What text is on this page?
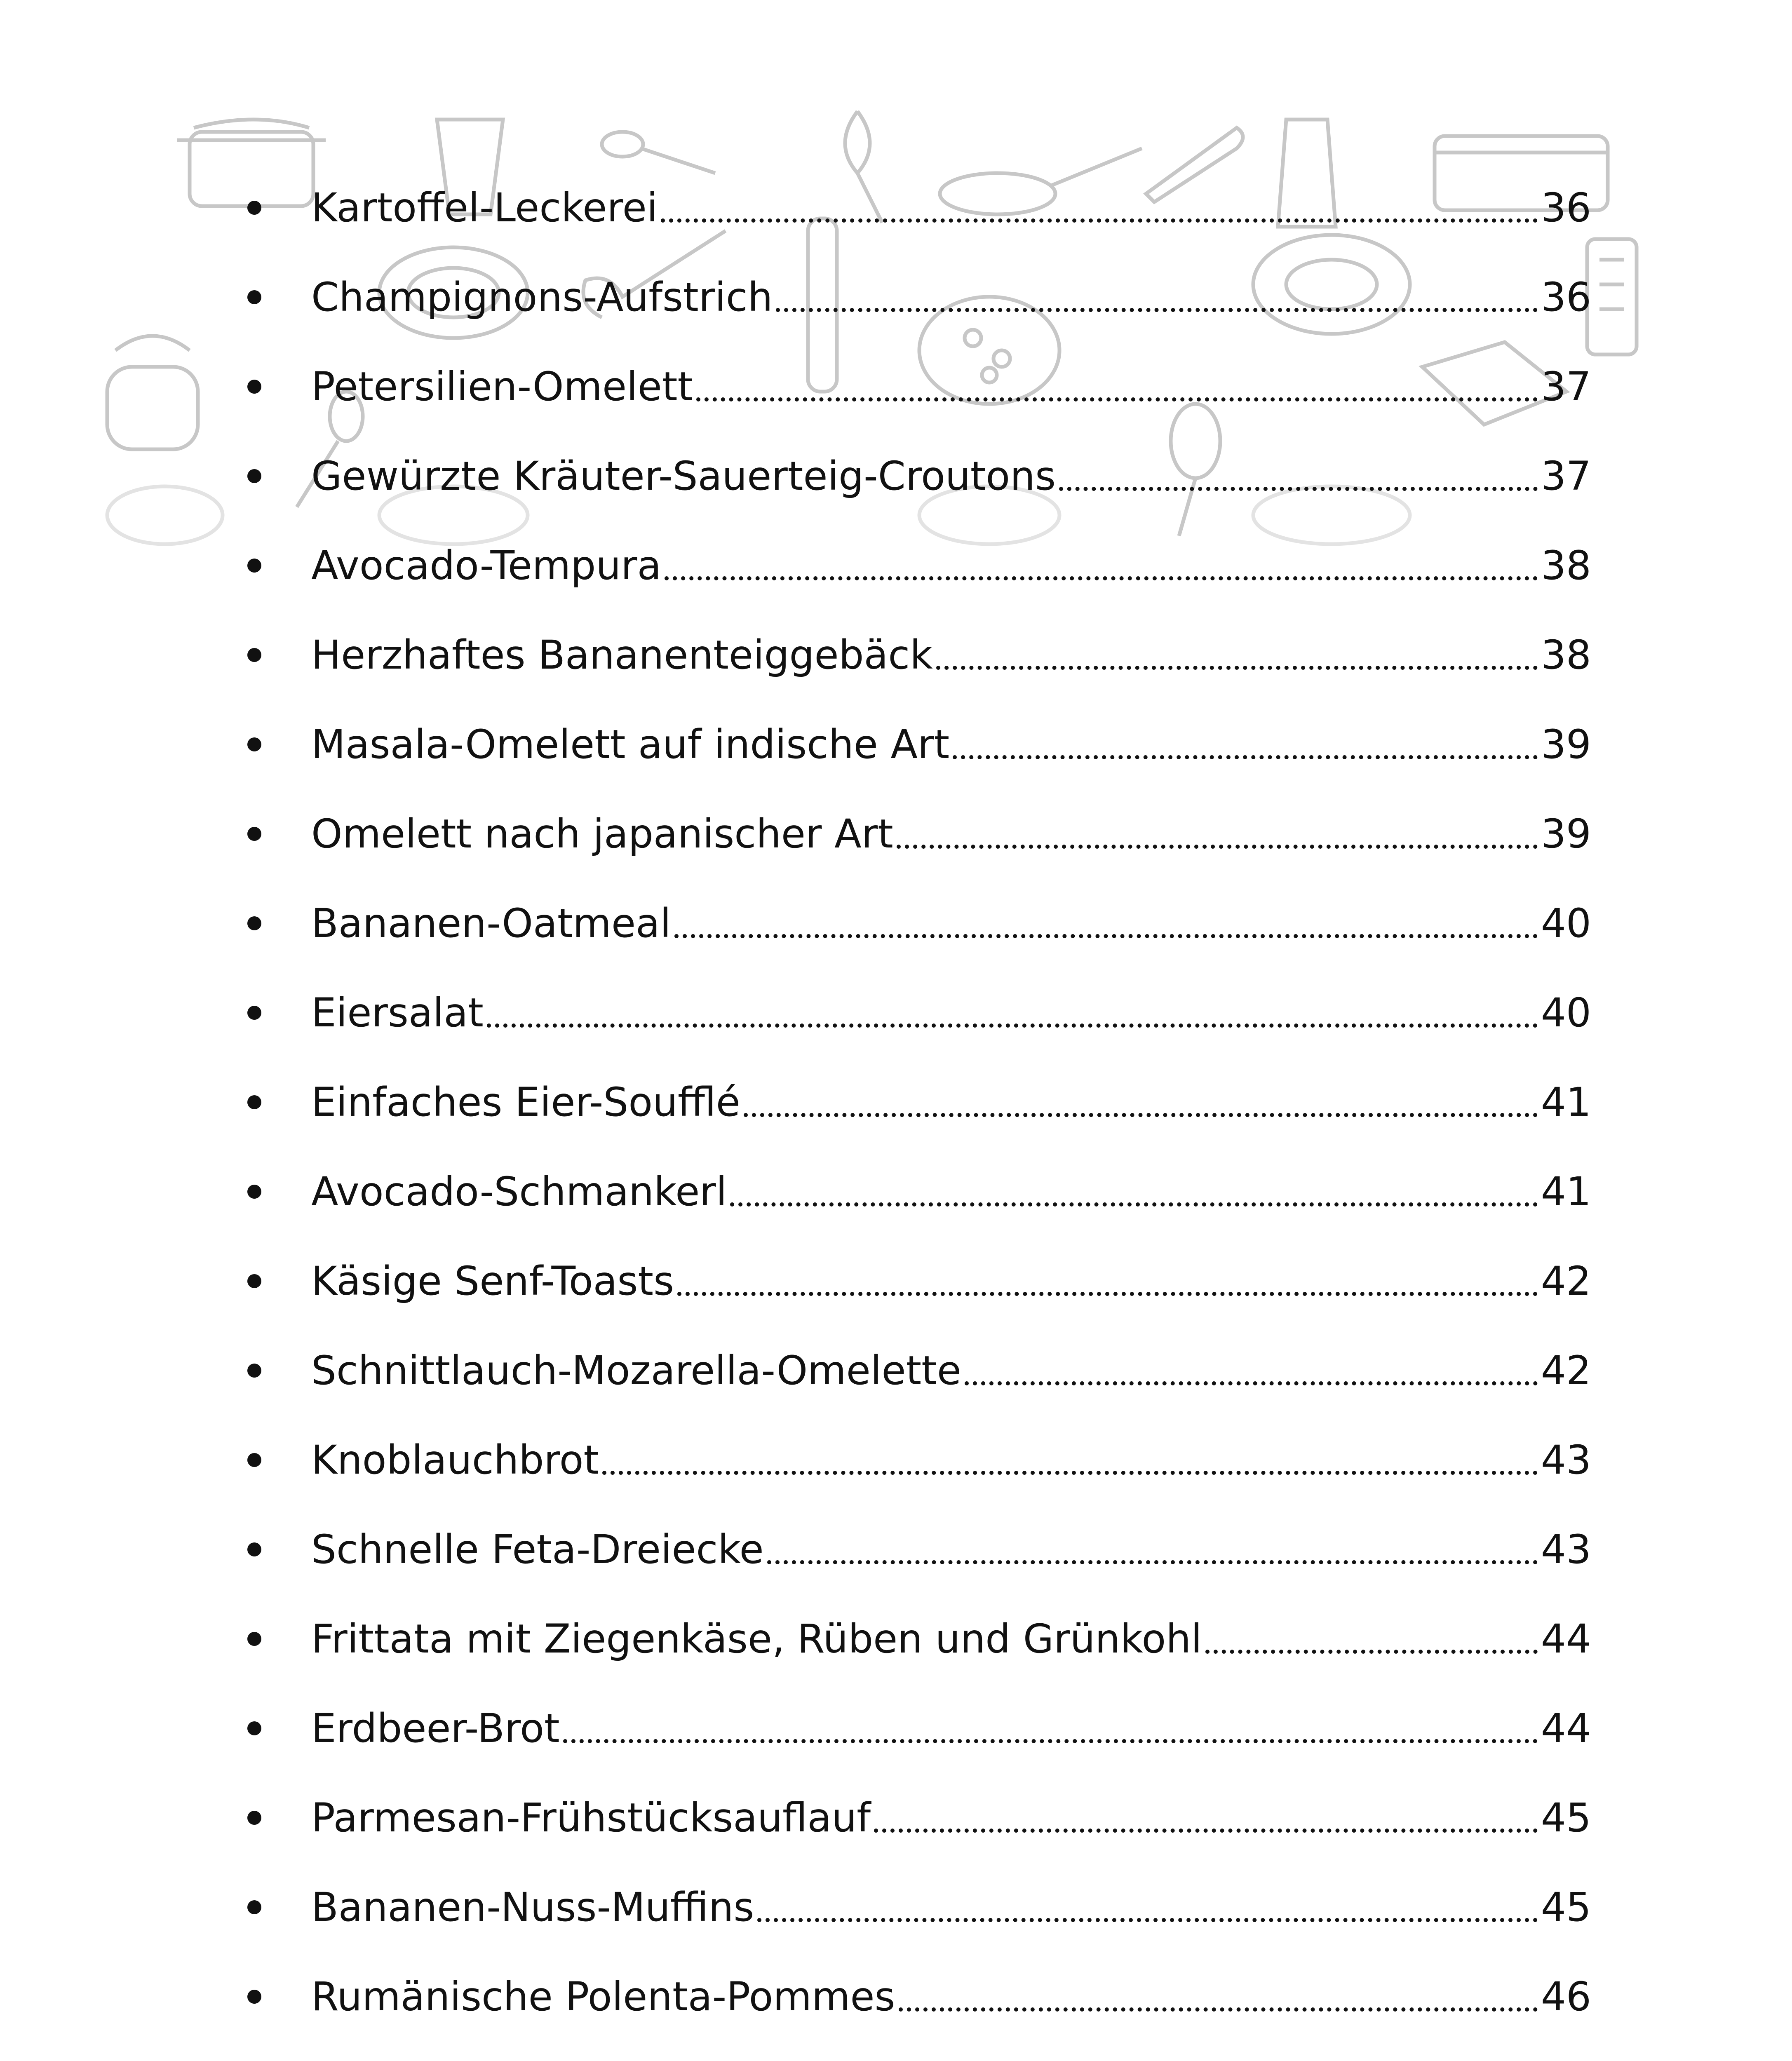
Kartoffel-Leckerei	36
Champignons-Aufstrich	36
Petersilien-Omelett	37
Gewürzte Kräuter-Sauerteig-Croutons	37
Avocado-Tempura	38
Herzhaftes Bananenteiggebäck	38
Masala-Omelett auf indische Art	39
Omelett nach japanischer Art	39
Bananen-Oatmeal	40
Eiersalat	40
Einfaches Eier-Soufflé	41
Avocado-Schmankerl	41
Käsige Senf-Toasts	42
Schnittlauch-Mozarella-Omelette	42
Knoblauchbrot	43
Schnelle Feta-Dreiecke	43
Frittata mit Ziegenkäse, Rüben und Grünkohl	44
Erdbeer-Brot	44
Parmesan-Frühstücksauflauf	45
Bananen-Nuss-Muffins	45
Rumänische Polenta-Pommes	46
